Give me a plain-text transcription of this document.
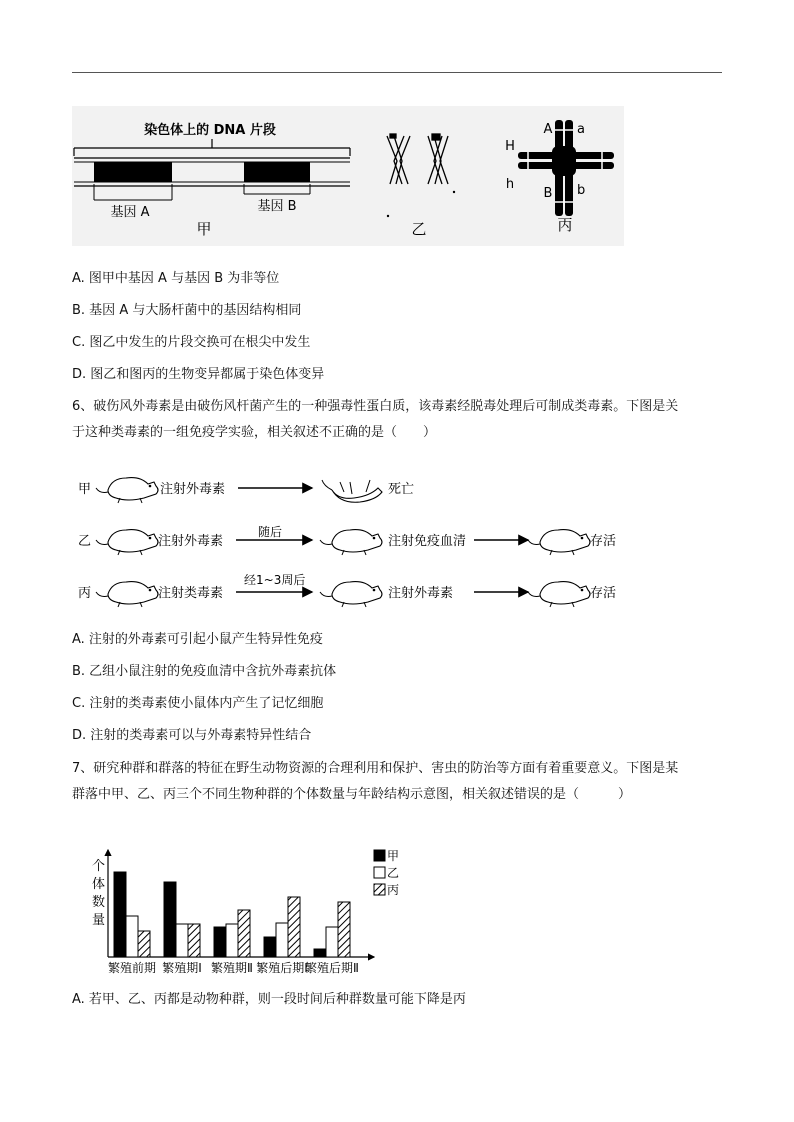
染色体上的 DNA 片段
基因 A	基因 B
甲	乙
A a
H
h
B b
丙
A. 图甲中基因 A 与基因 B 为非等位
B. 基因 A 与大肠杆菌中的基因结构相同
C. 图乙中发生的片段交换可在根尖中发生
D. 图乙和图丙的生物变异都属于染色体变异
6、破伤风外毒素是由破伤风杆菌产生的一种强毒性蛋白质，该毒素经脱毒处理后可制成类毒素。下图是关
于这种类毒素的一组免疫学实验，相关叙述不正确的是（　　）
甲	注射外毒素	死亡
乙	注射外毒素
随后
注射免疫血清	存活
丙	注射类毒素
经1~3周后
注射外毒素	存活
A. 注射的外毒素可引起小鼠产生特异性免疫
B. 乙组小鼠注射的免疫血清中含抗外毒素抗体
C. 注射的类毒素使小鼠体内产生了记忆细胞
D. 注射的类毒素可以与外毒素特异性结合
7、研究种群和群落的特征在野生动物资源的合理利用和保护、害虫的防治等方面有着重要意义。下图是某
群落中甲、乙、丙三个不同生物种群的个体数量与年龄结构示意图，相关叙述错误的是（　　　）
个
体
数
量
繁殖前期 繁殖期Ⅰ 繁殖期Ⅱ 繁殖后期Ⅰ
繁殖后期Ⅱ
甲
乙
丙
A. 若甲、乙、丙都是动物种群，则一段时间后种群数量可能下降是丙
